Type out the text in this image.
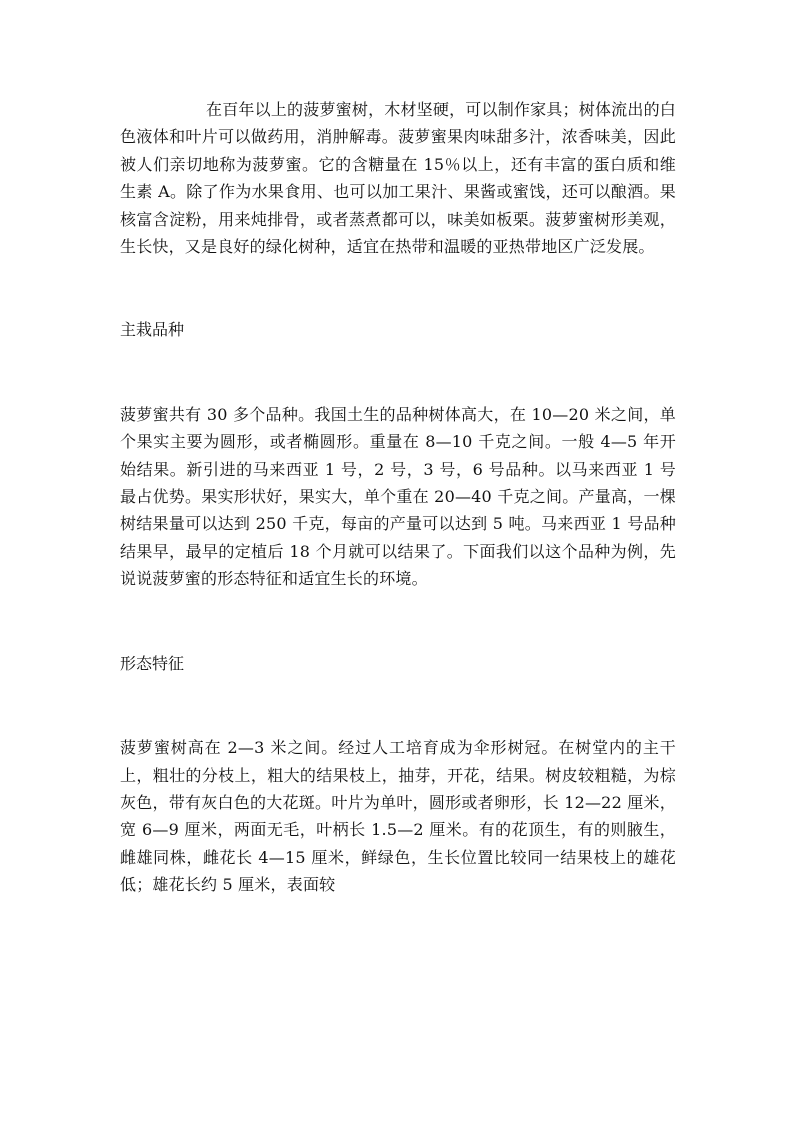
在百年以上的菠萝蜜树，木材坚硬，可以制作家具；树体流出的白色液体和叶片可以做药用，消肿解毒。菠萝蜜果肉味甜多汁，浓香味美，因此被人们亲切地称为菠萝蜜。它的含糖量在 15％以上，还有丰富的蛋白质和维生素 A。除了作为水果食用、也可以加工果汁、果酱或蜜饯，还可以酿酒。果核富含淀粉，用来炖排骨，或者蒸煮都可以，味美如板栗。菠萝蜜树形美观，生长快，又是良好的绿化树种，适宜在热带和温暖的亚热带地区广泛发展。

主栽品种

菠萝蜜共有 30 多个品种。我国土生的品种树体高大，在 10—20 米之间，单个果实主要为圆形，或者椭圆形。重量在 8—10 千克之间。一般 4—5 年开始结果。新引进的马来西亚 1 号，2 号，3 号，6 号品种。以马来西亚 1 号最占优势。果实形状好，果实大，单个重在 20—40 千克之间。产量高，一棵树结果量可以达到 250 千克，每亩的产量可以达到 5 吨。马来西亚 1 号品种结果早，最早的定植后 18 个月就可以结果了。下面我们以这个品种为例，先说说菠萝蜜的形态特征和适宜生长的环境。

形态特征

菠萝蜜树高在 2—3 米之间。经过人工培育成为伞形树冠。在树堂内的主干上，粗壮的分枝上，粗大的结果枝上，抽芽，开花，结果。树皮较粗糙，为棕灰色，带有灰白色的大花斑。叶片为单叶，圆形或者卵形，长 12—22 厘米，宽 6—9 厘米，两面无毛，叶柄长 1.5—2 厘米。有的花顶生，有的则腋生，雌雄同株，雌花长 4—15 厘米，鲜绿色，生长位置比较同一结果枝上的雄花低；雄花长约 5 厘米，表面较
